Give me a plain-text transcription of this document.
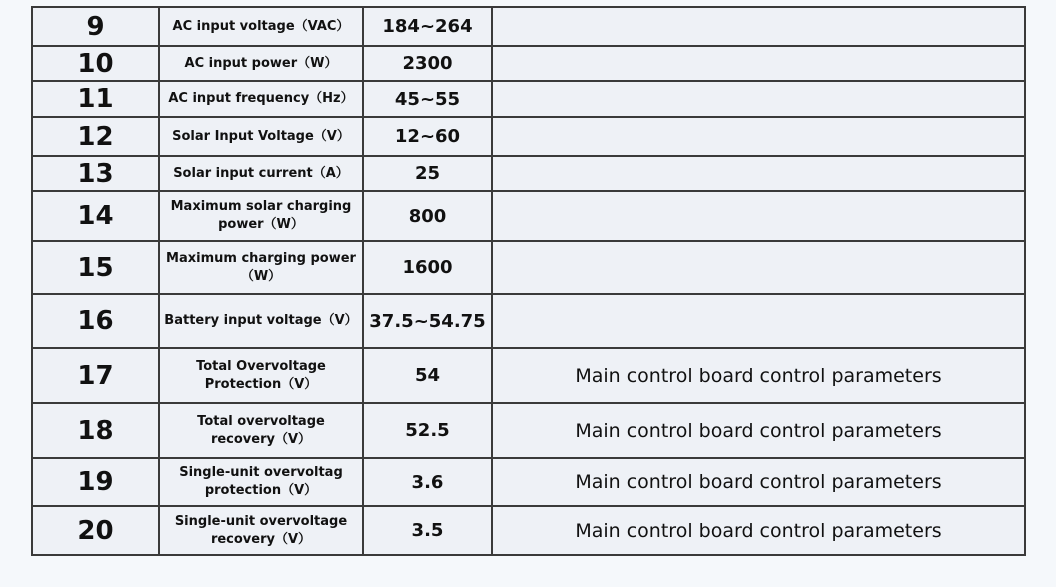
9	AC input voltage（VAC）	184~264	
10	AC input power（W）	2300	
11	AC input frequency（Hz）	45~55	
12	Solar Input Voltage（V）	12~60	
13	Solar input current（A）	25	
14	Maximum solar charging power（W）	800	
15	Maximum charging power（W）	1600	
16	Battery input voltage（V）	37.5~54.75	
17	Total Overvoltage Protection（V）	54	Main control board control parameters
18	Total overvoltage recovery（V）	52.5	Main control board control parameters
19	Single-unit overvoltag protection（V）	3.6	Main control board control parameters
20	Single-unit overvoltage recovery（V）	3.5	Main control board control parameters
